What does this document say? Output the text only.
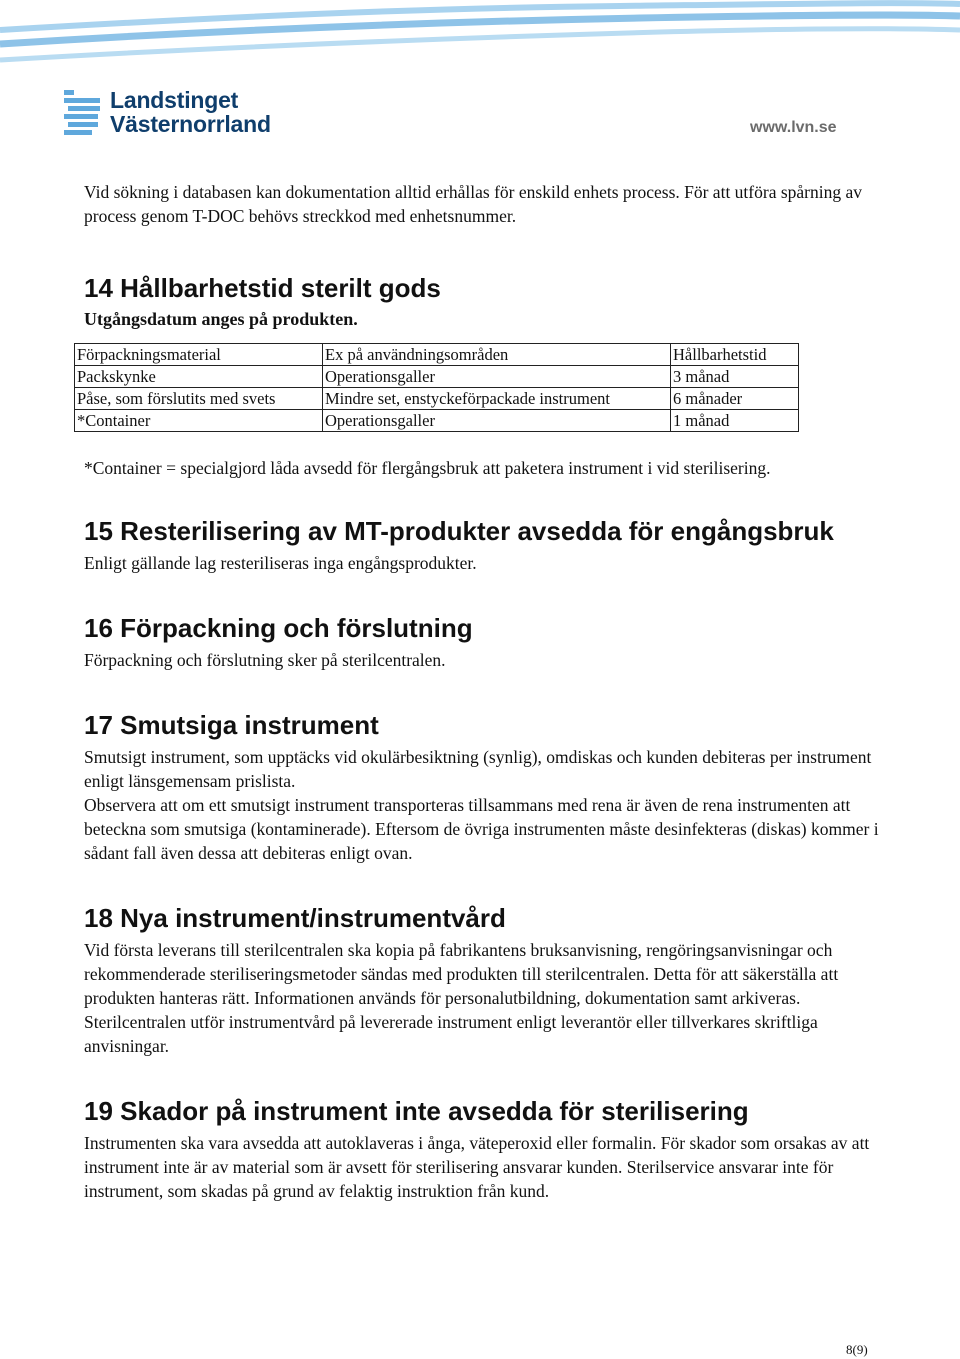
Landstinget
Västernorrland	www.lvn.se

Vid sökning i databasen kan dokumentation alltid erhållas för enskild enhets process. För att utföra spårning av process genom T-DOC behövs streckkod med enhetsnummer.

14 Hållbarhetstid sterilt gods

Utgångsdatum anges på produkten.

Förpackningsmaterial	Ex på användningsområden	Hållbarhetstid
Packskynke	Operationsgaller	3 månad
Påse, som förslutits med svets	Mindre set, enstyckeförpackade instrument	6 månader
*Container	Operationsgaller	1 månad

*Container = specialgjord låda avsedd för flergångsbruk att paketera instrument i vid sterilisering.

15 Resterilisering av MT-produkter avsedda för engångsbruk

Enligt gällande lag resteriliseras inga engångsprodukter.

16 Förpackning och förslutning

Förpackning och förslutning sker på sterilcentralen.

17 Smutsiga instrument

Smutsigt instrument, som upptäcks vid okulärbesiktning (synlig), omdiskas och kunden debiteras per instrument enligt länsgemensam prislista.

Observera att om ett smutsigt instrument transporteras tillsammans med rena är även de rena instrumenten att beteckna som smutsiga (kontaminerade). Eftersom de övriga instrumenten måste desinfekteras (diskas) kommer i sådant fall även dessa att debiteras enligt ovan.

18 Nya instrument/instrumentvård

Vid första leverans till sterilcentralen ska kopia på fabrikantens bruksanvisning, rengöringsanvisningar och rekommenderade steriliseringsmetoder sändas med produkten till sterilcentralen. Detta för att säkerställa att produkten hanteras rätt. Informationen används för personalutbildning, dokumentation samt arkiveras. Sterilcentralen utför instrumentvård på levererade instrument enligt leverantör eller tillverkares skriftliga anvisningar.

19 Skador på instrument inte avsedda för sterilisering

Instrumenten ska vara avsedda att autoklaveras i ånga, väteperoxid eller formalin. För skador som orsakas av att instrument inte är av material som är avsett för sterilisering ansvarar kunden. Sterilservice ansvarar inte för instrument, som skadas på grund av felaktig instruktion från kund.

8(9)
